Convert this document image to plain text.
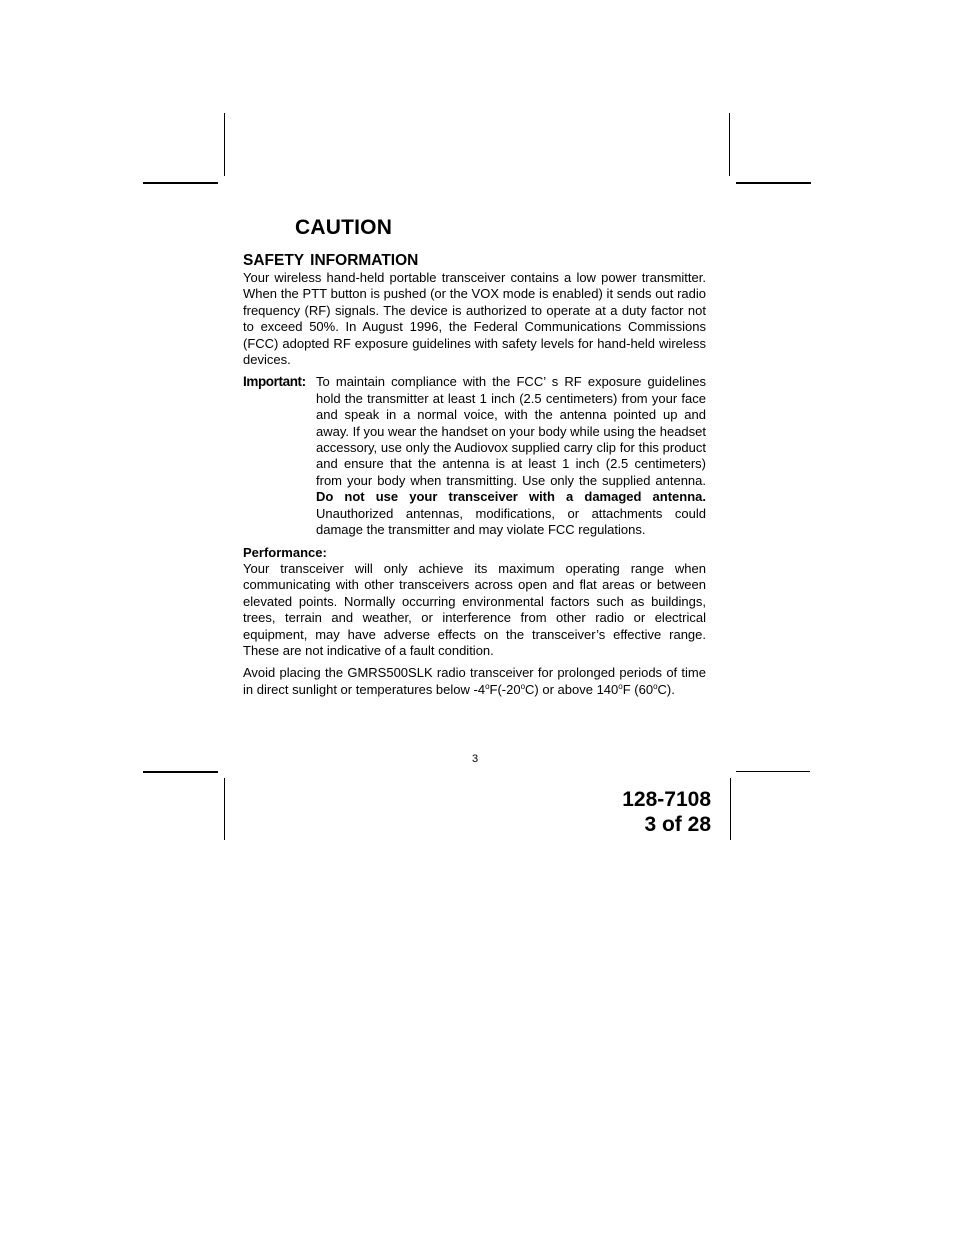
CAUTION
SAFETY INFORMATION

Your wireless hand-held portable transceiver contains a low power transmitter. When the PTT button is pushed (or the VOX mode is enabled) it sends out radio frequency (RF) signals. The device is authorized to operate at a duty factor not to exceed 50%. In August 1996, the Federal Communications Commissions (FCC) adopted RF exposure guidelines with safety levels for hand-held wireless devices.

Important: To maintain compliance with the FCC’ s RF exposure guidelines hold the transmitter at least 1 inch (2.5 centimeters) from your face and speak in a normal voice, with the antenna pointed up and away. If you wear the handset on your body while using the headset accessory, use only the Audiovox supplied carry clip for this product and ensure that the antenna is at least 1 inch (2.5 centimeters) from your body when transmitting. Use only the supplied antenna. Do not use your transceiver with a damaged antenna. Unauthorized antennas, modifications, or attachments could damage the transmitter and may violate FCC regulations.

Performance:

Your transceiver will only achieve its maximum operating range when communicating with other transceivers across open and flat areas or between elevated points. Normally occurring environmental factors such as buildings, trees, terrain and weather, or interference from other radio or electrical equipment, may have adverse effects on the transceiver’s effective range. These are not indicative of a fault condition.

Avoid placing the GMRS500SLK radio transceiver for prolonged periods of time in direct sunlight or temperatures below -4$^o$F(-20$^o$C) or above 140$^o$F (60$^o$C).

3
128-7108
3 of 28
